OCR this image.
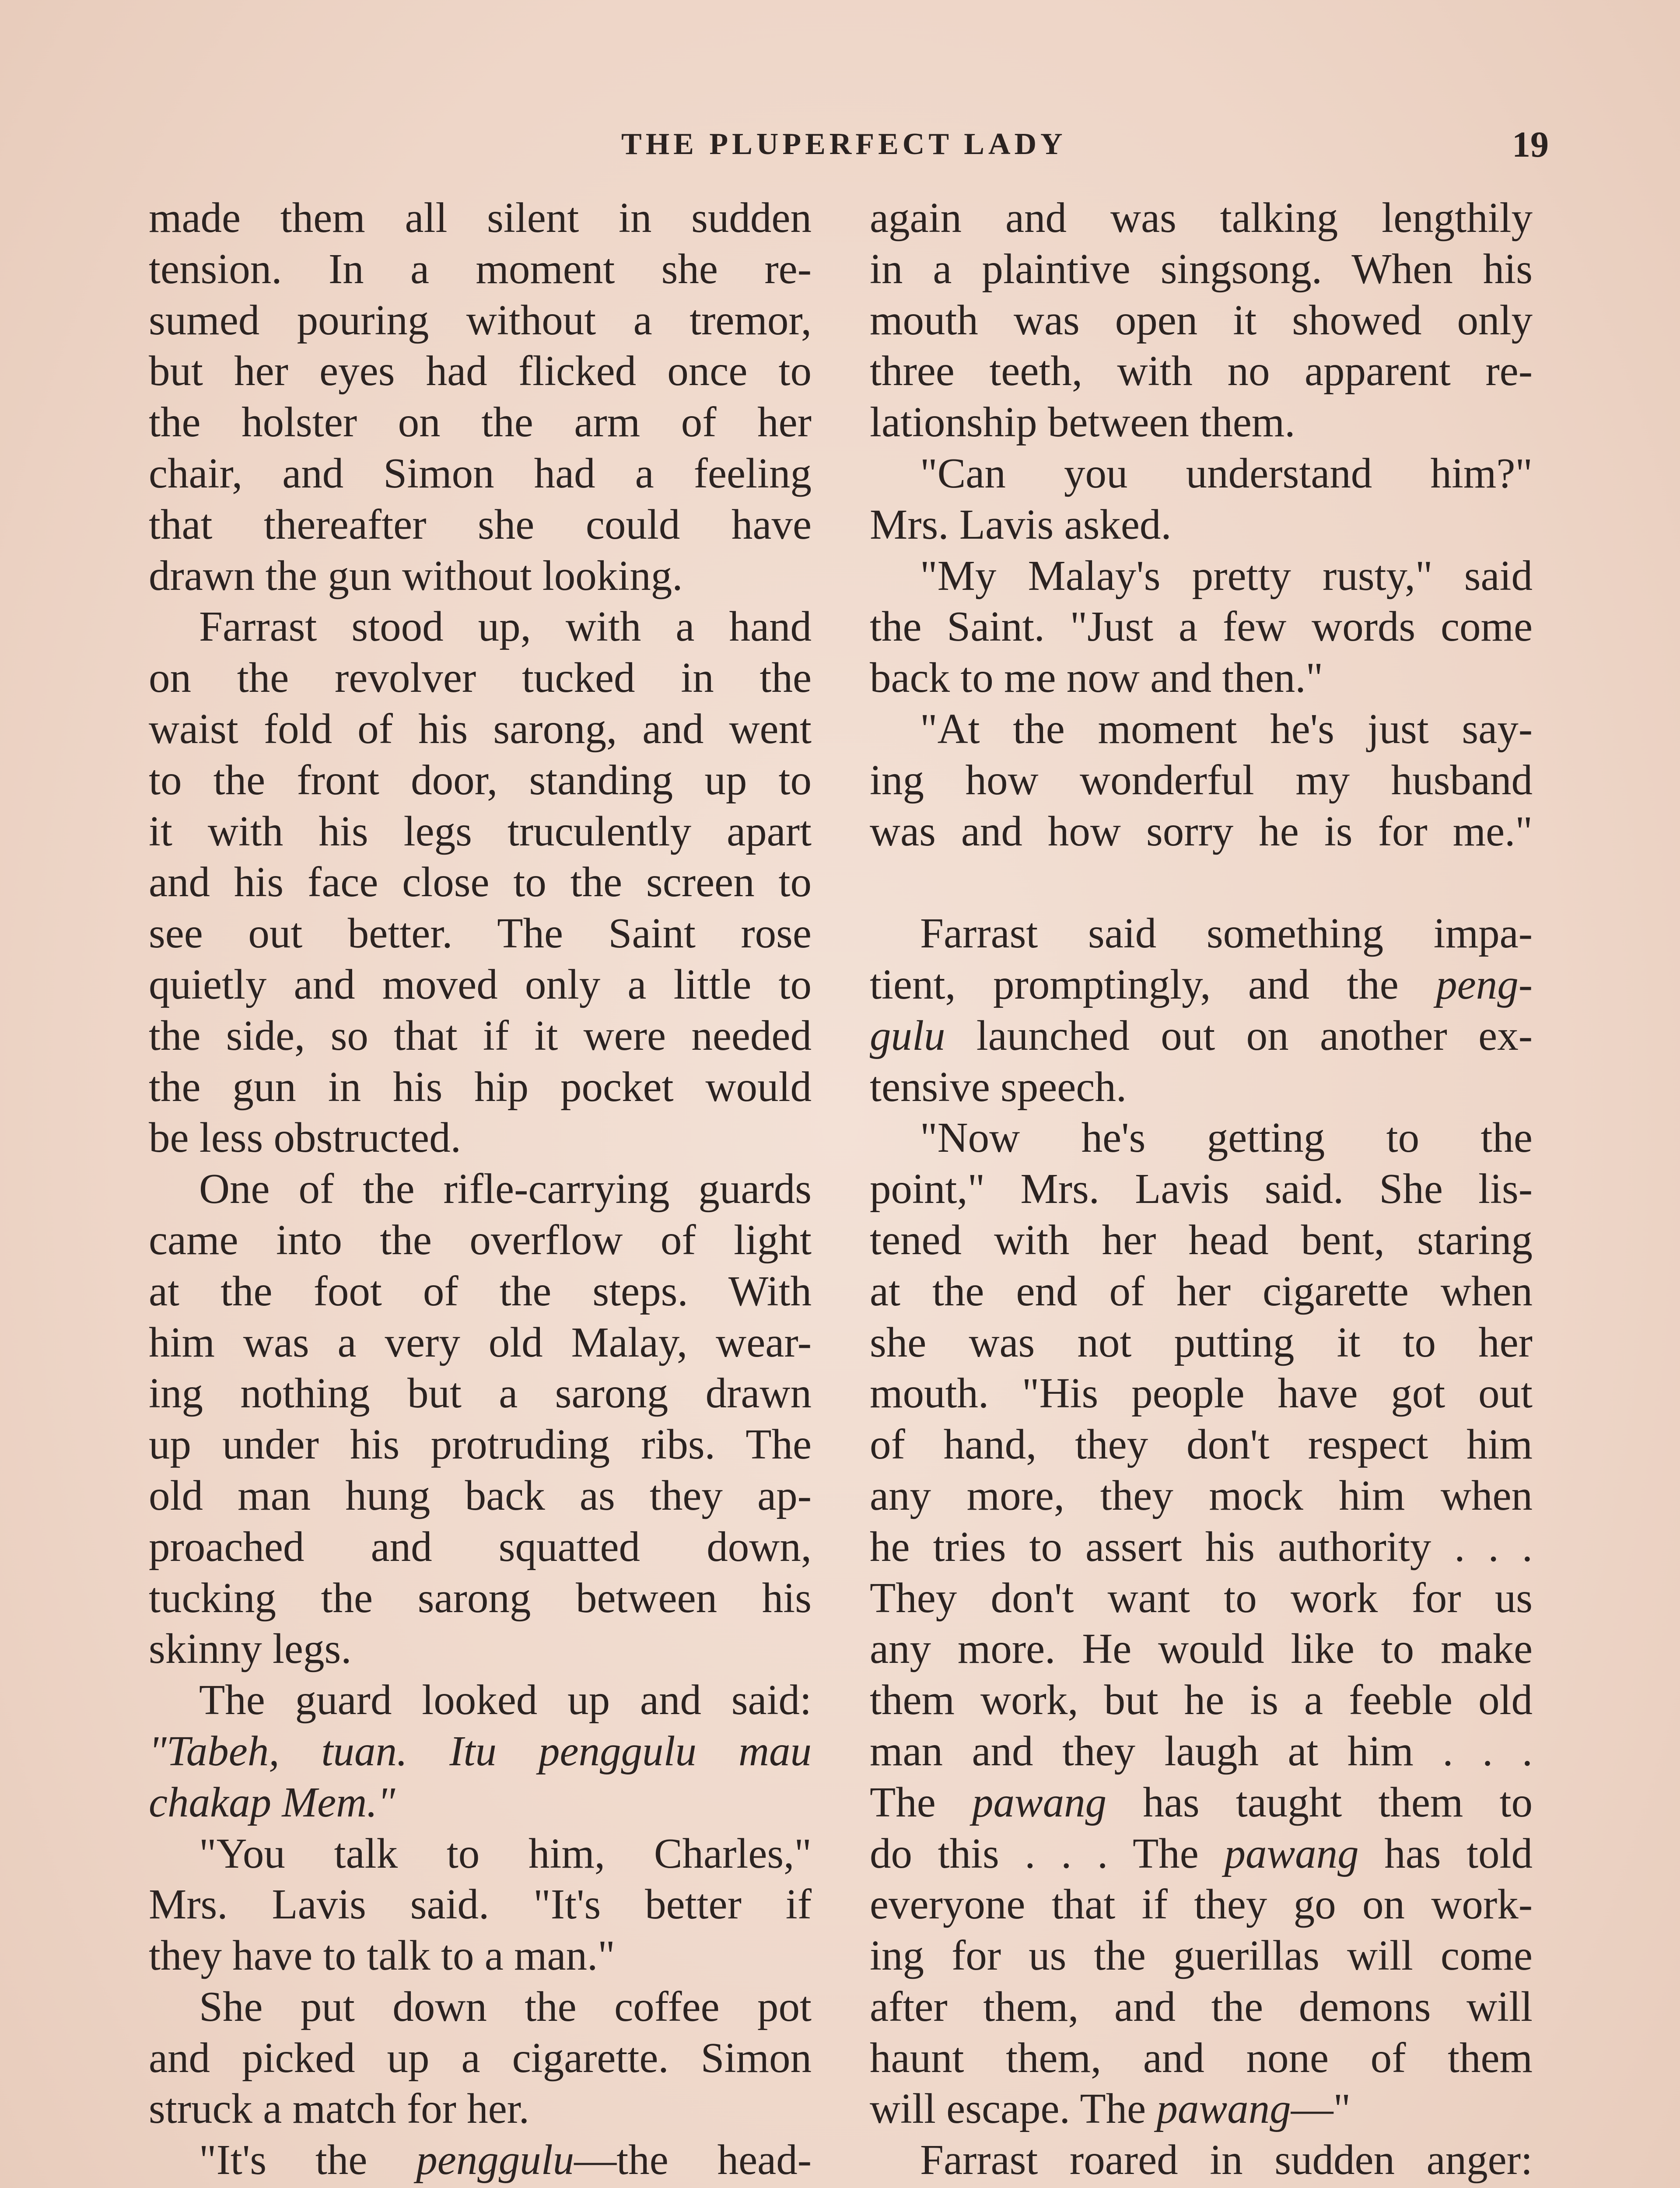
THE PLUPERFECT LADY	19
made them all silent in sudden
tension. In a moment she re-
sumed pouring without a tremor,
but her eyes had flicked once to
the holster on the arm of her
chair, and Simon had a feeling
that thereafter she could have
drawn the gun without looking.
Farrast stood up, with a hand
on the revolver tucked in the
waist fold of his sarong, and went
to the front door, standing up to
it with his legs truculently apart
and his face close to the screen to
see out better. The Saint rose
quietly and moved only a little to
the side, so that if it were needed
the gun in his hip pocket would
be less obstructed.
One of the rifle-carrying guards
came into the overflow of light
at the foot of the steps. With
him was a very old Malay, wear-
ing nothing but a sarong drawn
up under his protruding ribs. The
old man hung back as they ap-
proached and squatted down,
tucking the sarong between his
skinny legs.
The guard looked up and said:
"Tabeh, tuan. Itu penggulu mau
chakap Mem."
"You talk to him, Charles,"
Mrs. Lavis said. "It's better if
they have to talk to a man."
She put down the coffee pot
and picked up a cigarette. Simon
struck a match for her.
"It's the penggulu—the head-
again and was talking lengthily
in a plaintive singsong. When his
mouth was open it showed only
three teeth, with no apparent re-
lationship between them.
"Can you understand him?"
Mrs. Lavis asked.
"My Malay's pretty rusty," said
the Saint. "Just a few words come
back to me now and then."
"At the moment he's just say-
ing how wonderful my husband
was and how sorry he is for me."
Farrast said something impa-
tient, promptingly, and the peng-
gulu launched out on another ex-
tensive speech.
"Now he's getting to the
point," Mrs. Lavis said. She lis-
tened with her head bent, staring
at the end of her cigarette when
she was not putting it to her
mouth. "His people have got out
of hand, they don't respect him
any more, they mock him when
he tries to assert his authority . . .
They don't want to work for us
any more. He would like to make
them work, but he is a feeble old
man and they laugh at him . . .
The pawang has taught them to
do this . . . The pawang has told
everyone that if they go on work-
ing for us the guerillas will come
after them, and the demons will
haunt them, and none of them
will escape. The pawang—"
Farrast roared in sudden anger:
